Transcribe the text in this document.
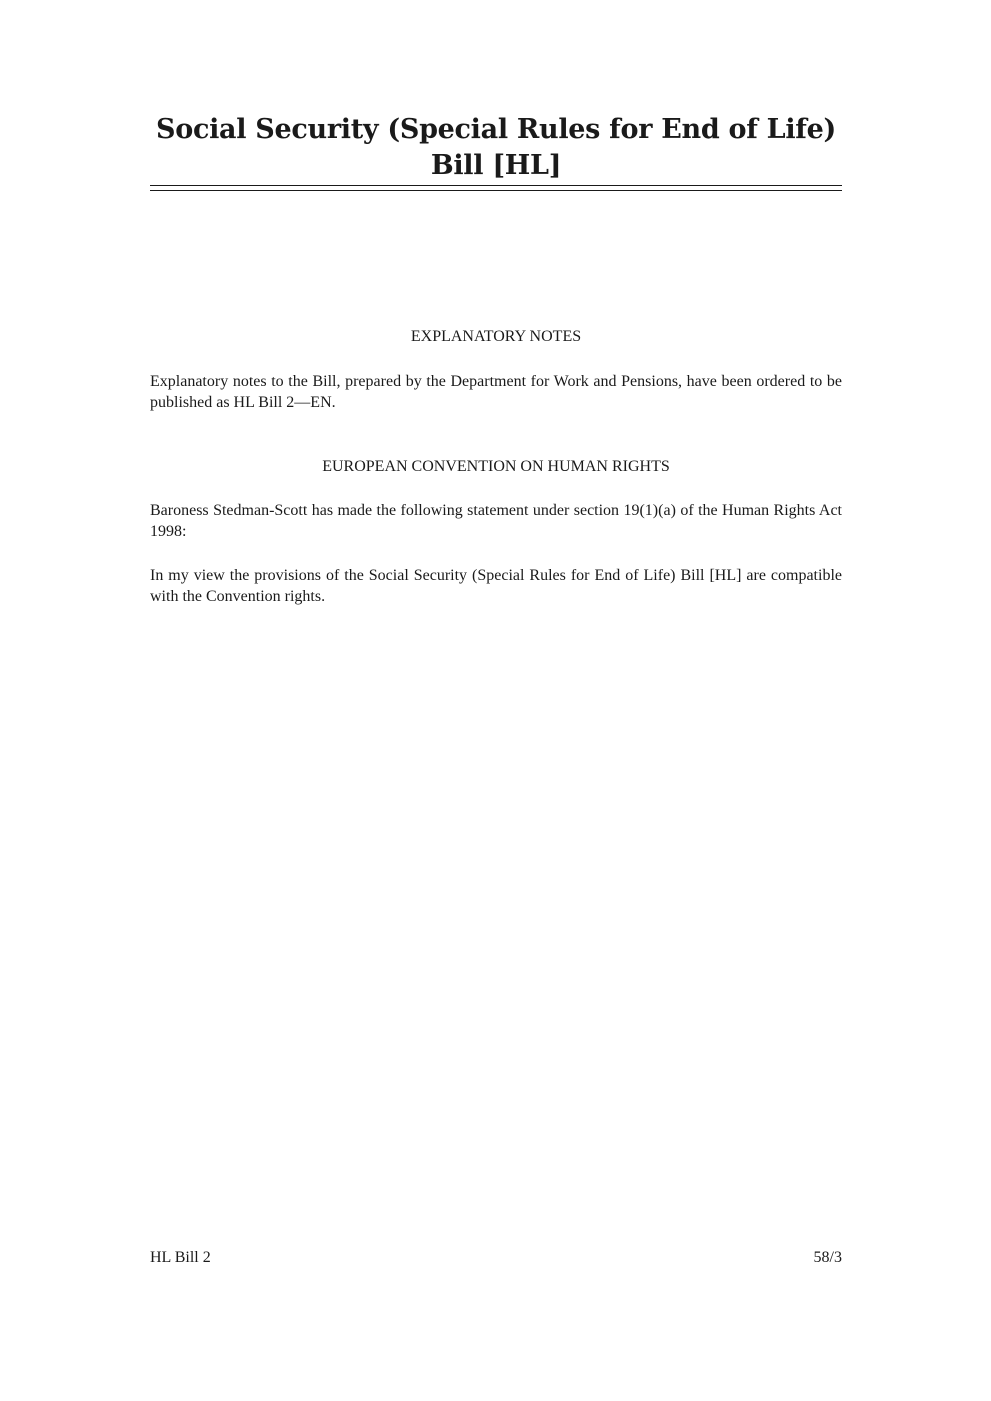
Social Security (Special Rules for End of Life) Bill [HL]
EXPLANATORY NOTES

Explanatory notes to the Bill, prepared by the Department for Work and Pensions, have been ordered to be published as HL Bill 2—EN.

EUROPEAN CONVENTION ON HUMAN RIGHTS

Baroness Stedman-Scott has made the following statement under section 19(1)(a) of the Human Rights Act 1998:

In my view the provisions of the Social Security (Special Rules for End of Life) Bill [HL] are compatible with the Convention rights.

HL Bill 2	58/3
